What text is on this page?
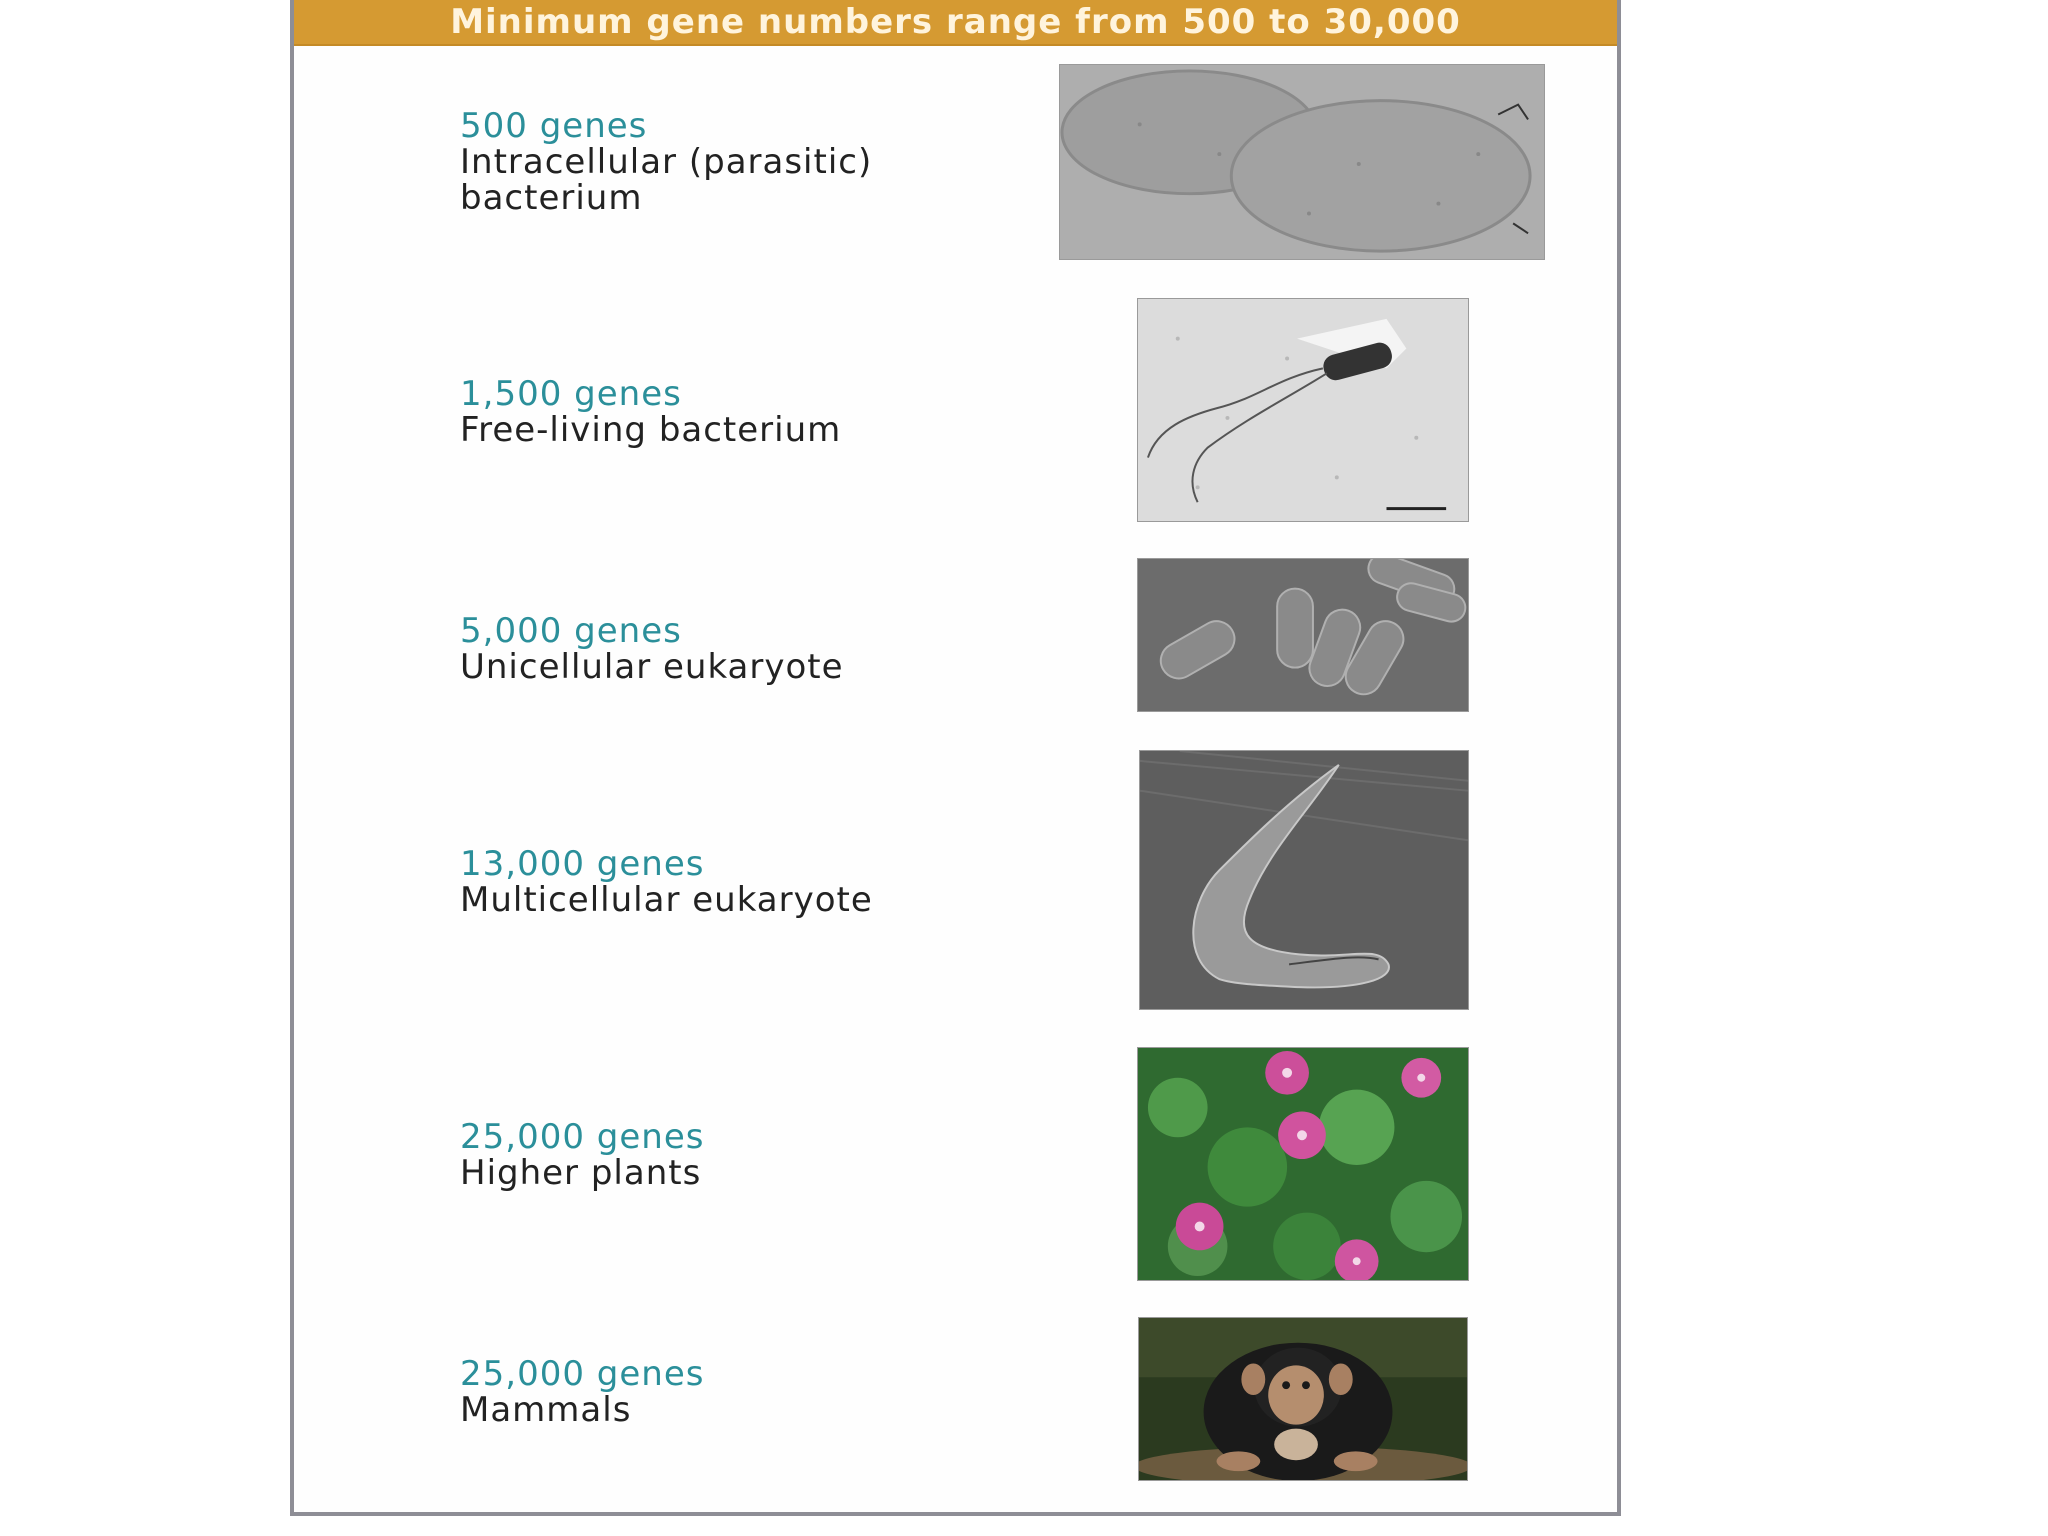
Minimum gene numbers range from 500 to 30,000
500 genes
Intracellular (parasitic)
bacterium
1,500 genes
Free-living bacterium
5,000 genes
Unicellular eukaryote
13,000 genes
Multicellular eukaryote
25,000 genes
Higher plants
25,000 genes
Mammals
